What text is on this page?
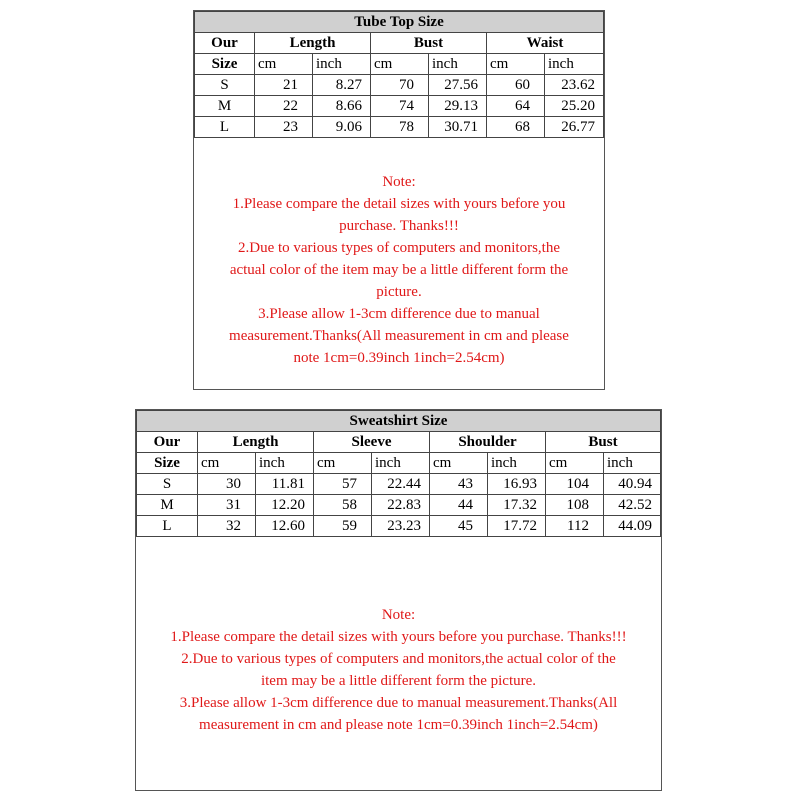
Tube Top Size						
Our	Length		Bust		Waist	
Size	cm	inch	cm	inch	cm	inch
S	21	8.27	70	27.56	60	23.62
M	22	8.66	74	29.13	64	25.20
L	23	9.06	78	30.71	68	26.77
Note:
1.Please compare the detail sizes with yours before you
purchase. Thanks!!!
2.Due to various types of computers and monitors,the
actual color of the item may be a little different form the
picture.
3.Please allow 1-3cm difference due to manual
measurement.Thanks(All measurement in cm and please
note 1cm=0.39inch 1inch=2.54cm)
Sweatshirt Size								
Our	Length		Sleeve		Shoulder		Bust	
Size	cm	inch	cm	inch	cm	inch	cm	inch
S	30	11.81	57	22.44	43	16.93	104	40.94
M	31	12.20	58	22.83	44	17.32	108	42.52
L	32	12.60	59	23.23	45	17.72	112	44.09
Note:
1.Please compare the detail sizes with yours before you purchase. Thanks!!!
2.Due to various types of computers and monitors,the actual color of the
item may be a little different form the picture.
3.Please allow 1-3cm difference due to manual measurement.Thanks(All
measurement in cm and please note 1cm=0.39inch 1inch=2.54cm)
